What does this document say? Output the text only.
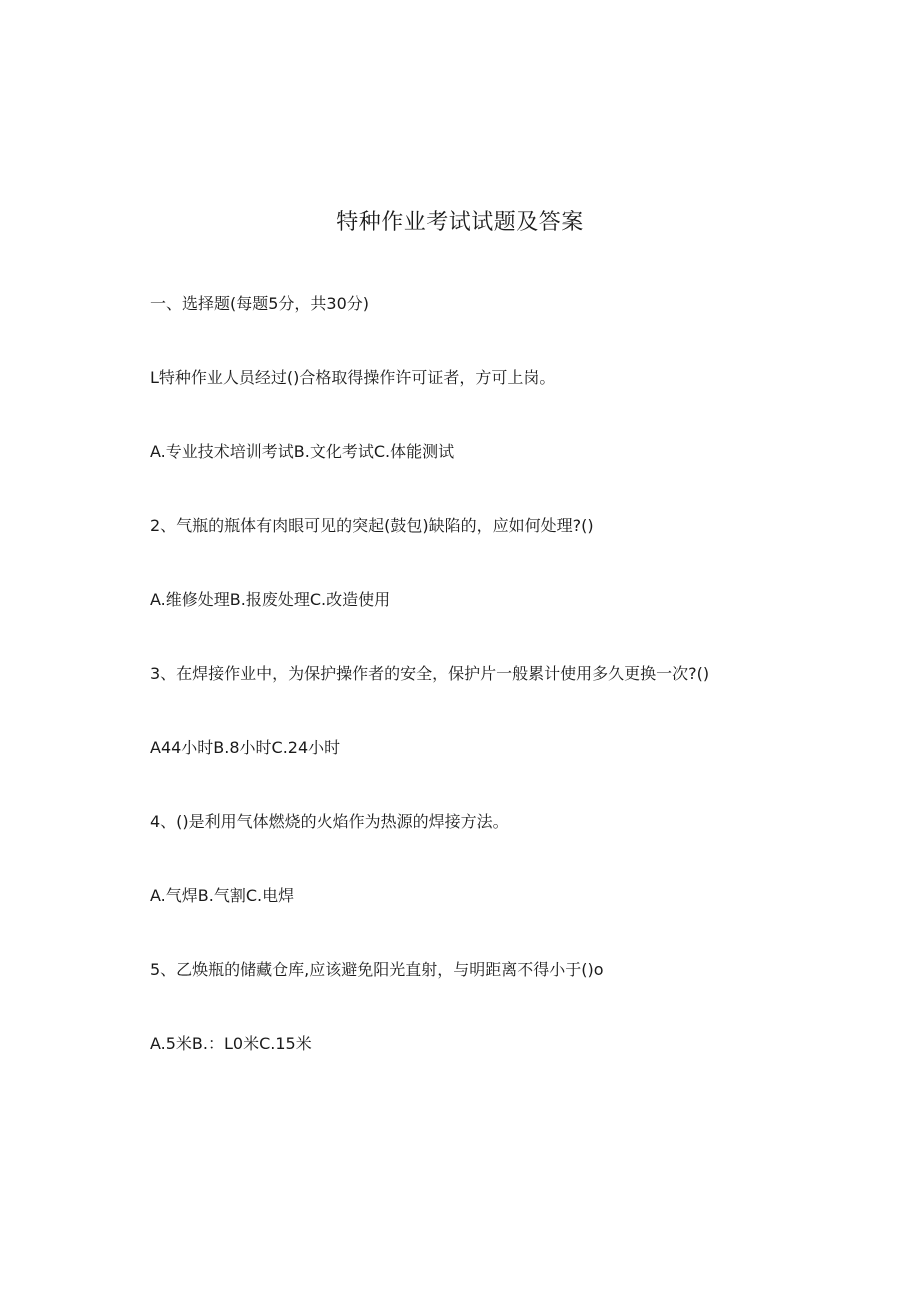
特种作业考试试题及答案
一、选择题(每题5分，共30分)
L特种作业人员经过()合格取得操作许可证者，方可上岗。
A.专业技术培训考试B.文化考试C.体能测试
2、气瓶的瓶体有肉眼可见的突起(鼓包)缺陷的，应如何处理?()
A.维修处理B.报废处理C.改造使用
3、在焊接作业中，为保护操作者的安全，保护片一般累计使用多久更换一次?()
A44小时B.8小时C.24小时
4、()是利用气体燃烧的火焰作为热源的焊接方法。
A.气焊B.气割C.电焊
5、乙焕瓶的储藏仓库,应该避免阳光直射，与明距离不得小于()o
A.5米B.：L0米C.15米
